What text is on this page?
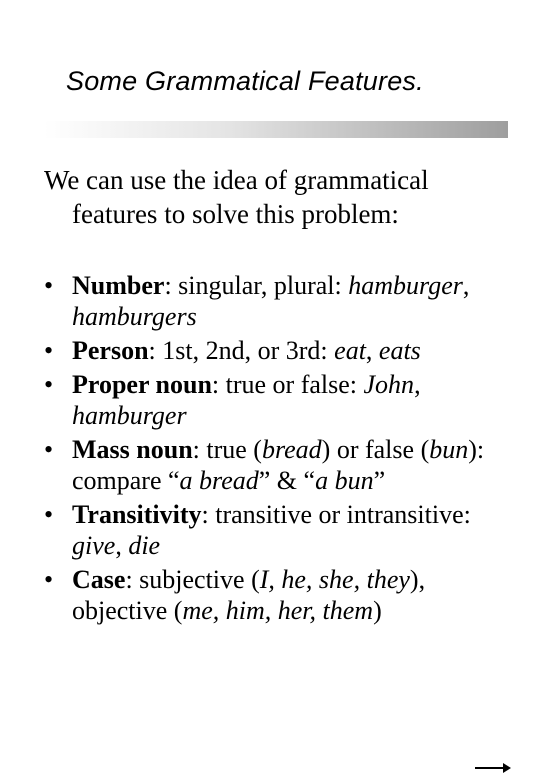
Some Grammatical Features.
We can use the idea of grammatical
features to solve this problem:
• Number: singular, plural: hamburger,
hamburgers
• Person: 1st, 2nd, or 3rd: eat, eats
• Proper noun: true or false: John,
hamburger
• Mass noun: true (bread) or false (bun): compare “a bread” & “a bun”
• Transitivity: transitive or intransitive: give, die
• Case: subjective (I, he, she, they), objective (me, him, her, them)
